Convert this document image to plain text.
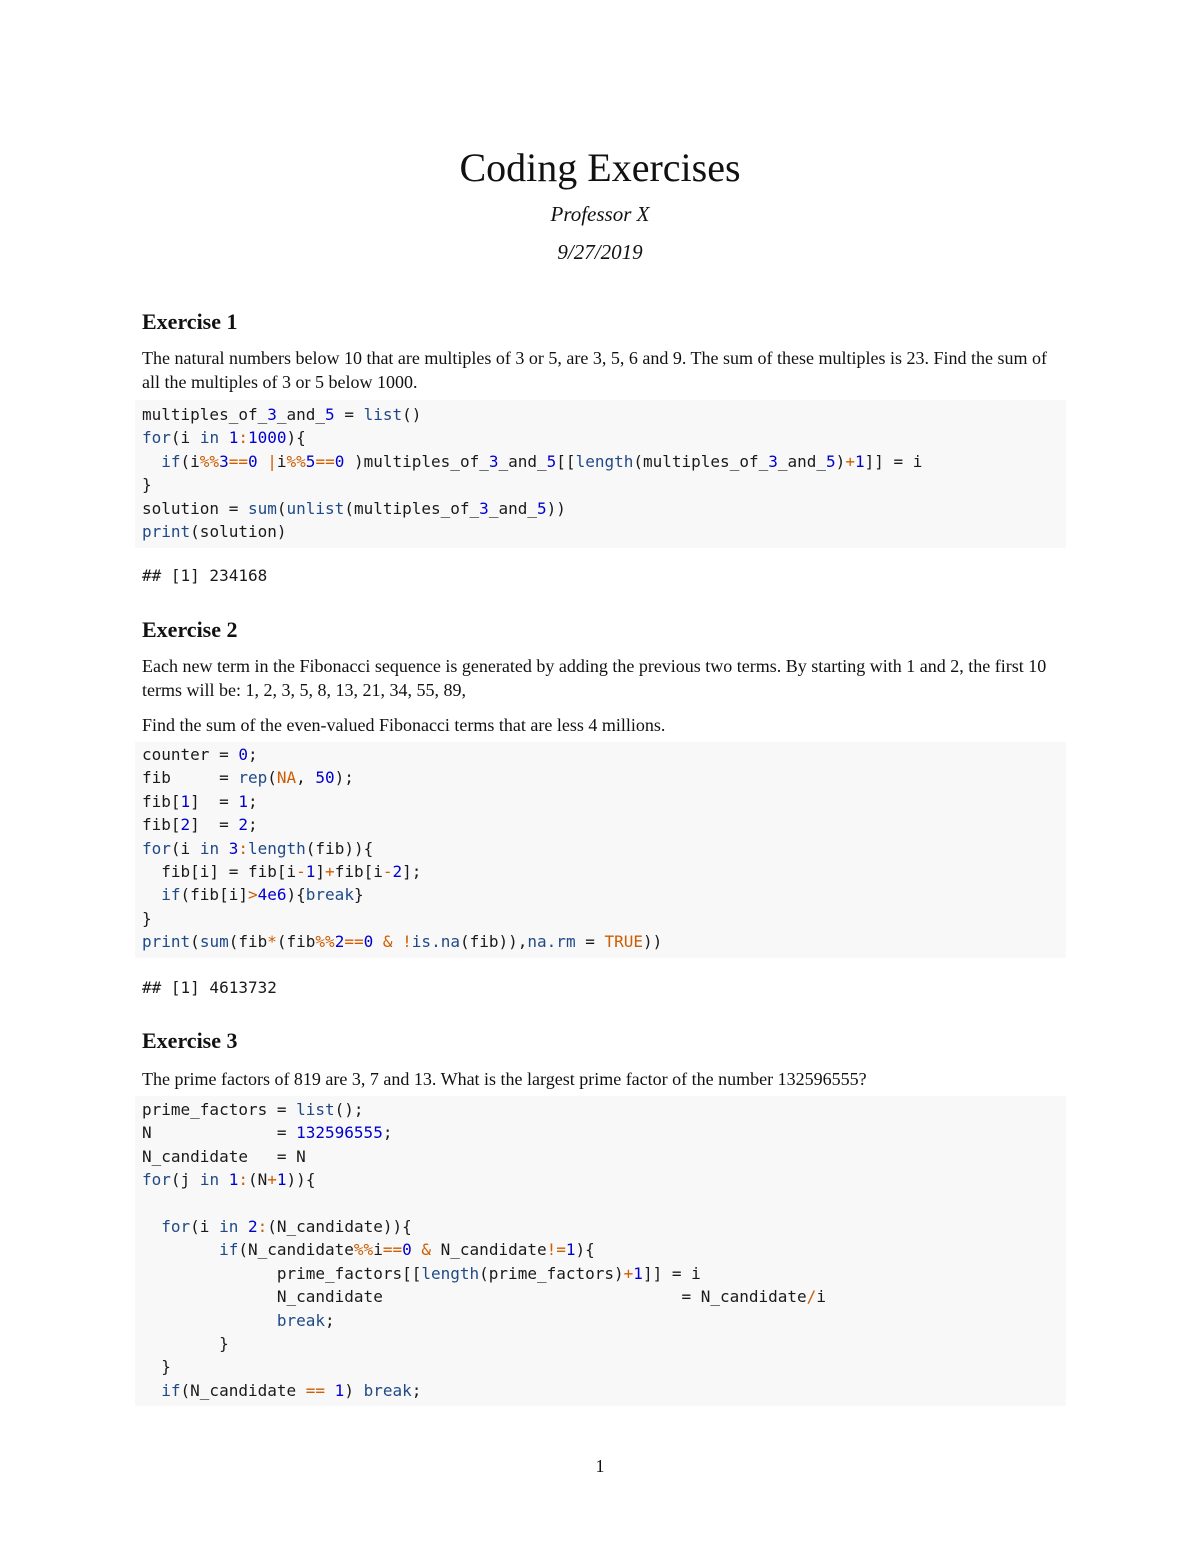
Coding Exercises
Professor X
9/27/2019
Exercise 1
The natural numbers below 10 that are multiples of 3 or 5, are 3, 5, 6 and 9. The sum of these multiples is 23. Find the sum of all the multiples of 3 or 5 below 1000.
multiples_of_3_and_5 = list()
for(i in 1:1000){
if(i%%3==0 |i%%5==0 )multiples_of_3_and_5[[length(multiples_of_3_and_5)+1]] = i
}
solution = sum(unlist(multiples_of_3_and_5))
print(solution)
## [1] 234168
Exercise 2
Each new term in the Fibonacci sequence is generated by adding the previous two terms. By starting with 1 and 2, the first 10 terms will be: 1, 2, 3, 5, 8, 13, 21, 34, 55, 89,
Find the sum of the even-valued Fibonacci terms that are less 4 millions.
counter = 0;
fib     = rep(NA, 50);
fib[1]  = 1;
fib[2]  = 2;
for(i in 3:length(fib)){
fib[i] = fib[i-1]+fib[i-2];
if(fib[i]>4e6){break}
}
print(sum(fib*(fib%%2==0 & !is.na(fib)),na.rm = TRUE))
## [1] 4613732
Exercise 3
The prime factors of 819 are 3, 7 and 13. What is the largest prime factor of the number 132596555?
prime_factors = list();
N             = 132596555;
N_candidate   = N
for(j in 1:(N+1)){
for(i in 2:(N_candidate)){
if(N_candidate%%i==0 & N_candidate!=1){
prime_factors[[length(prime_factors)+1]] = i
N_candidate                               = N_candidate/i
break;
}
}
if(N_candidate == 1) break;
1
